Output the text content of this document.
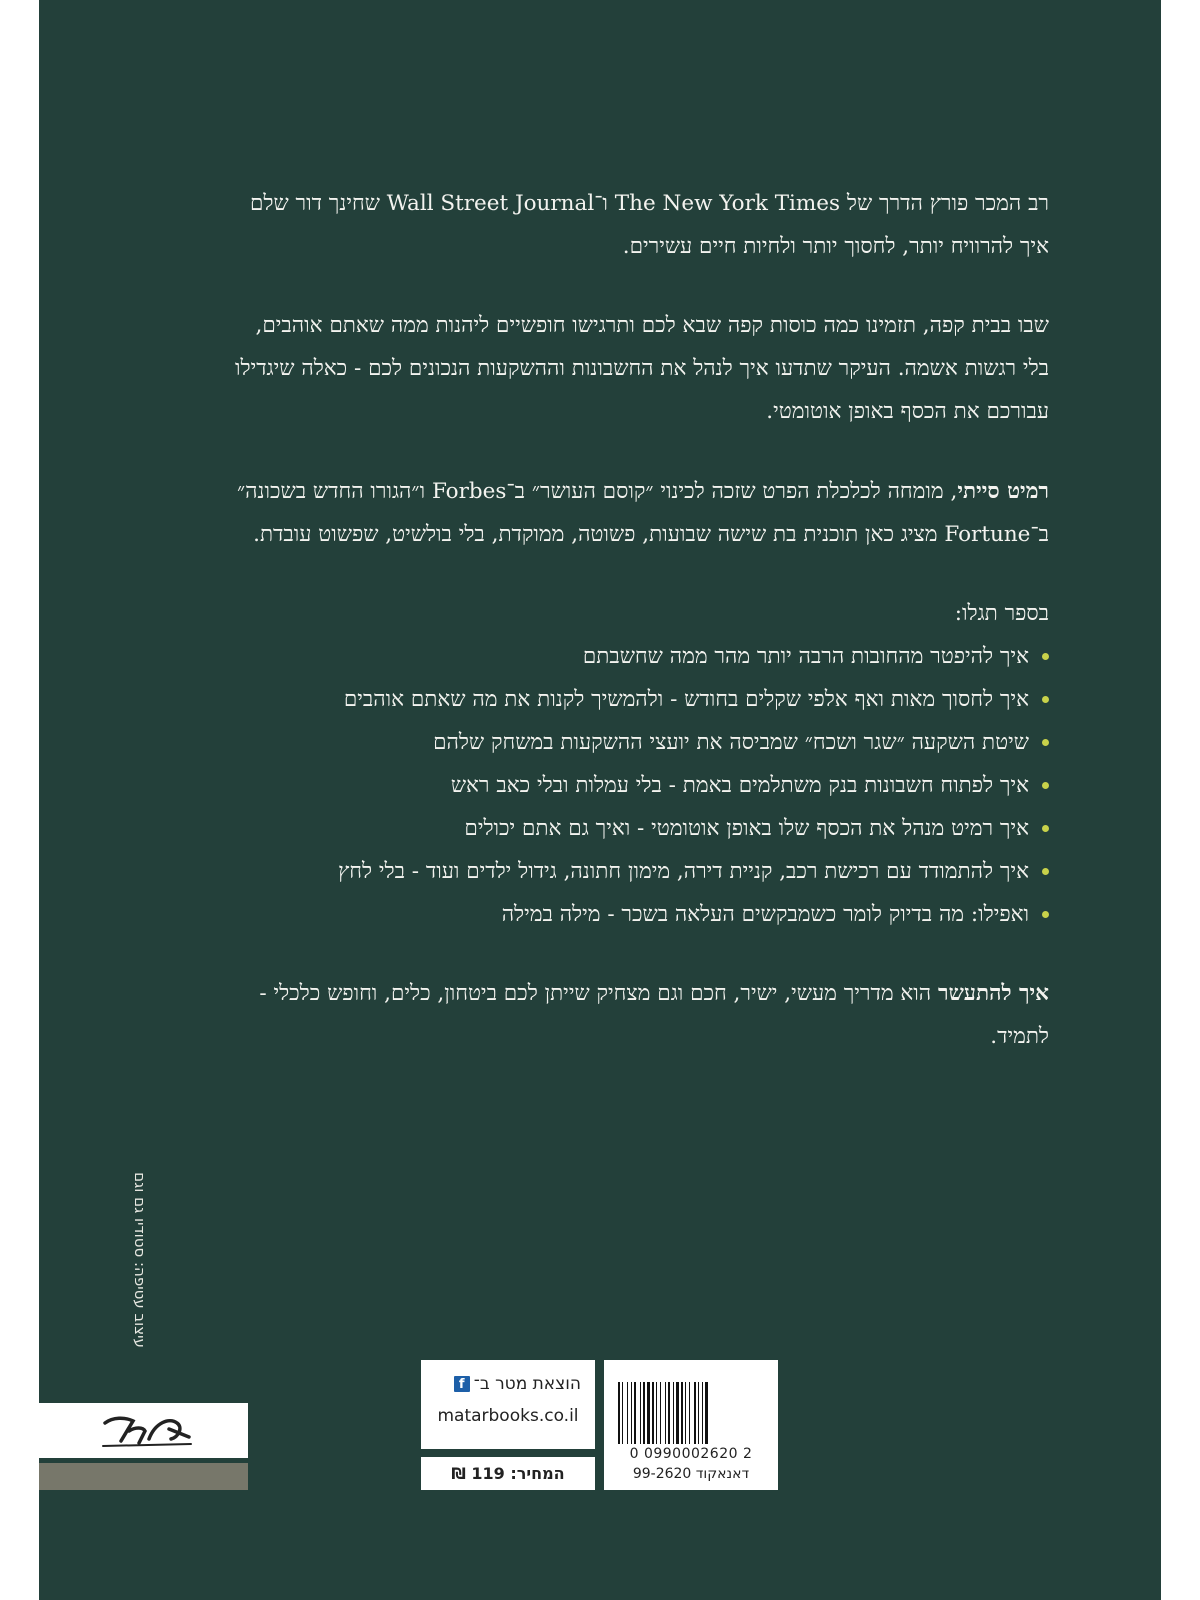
רב המכר פורץ הדרך של The New York Times ו־Wall Street Journal שחינך דור שלם איך להרוויח יותר, לחסוך יותר ולחיות חיים עשירים.

שבו בבית קפה, תזמינו כמה כוסות קפה שבא לכם ותרגישו חופשיים ליהנות ממה שאתם אוהבים, בלי רגשות אשמה. העיקר שתדעו איך לנהל את החשבונות וההשקעות הנכונים לכם - כאלה שיגדילו עבורכם את הכסף באופן אוטומטי.

רמיט סייתי, מומחה לכלכלת הפרט שזכה לכינוי ״קוסם העושר״ ב־Forbes ו״הגורו החדש בשכונה״ ב־Fortune מציג כאן תוכנית בת שישה שבועות, פשוטה, ממוקדת, בלי בולשיט, שפשוט עובדת.

בספר תגלו:

איך להיפטר מהחובות הרבה יותר מהר ממה שחשבתם
איך לחסוך מאות ואף אלפי שקלים בחודש - ולהמשיך לקנות את מה שאתם אוהבים
שיטת השקעה ״שגר ושכח״ שמביסה את יועצי ההשקעות במשחק שלהם
איך לפתוח חשבונות בנק משתלמים באמת - בלי עמלות ובלי כאב ראש
איך רמיט מנהל את הכסף שלו באופן אוטומטי - ואיך גם אתם יכולים
איך להתמודד עם רכישת רכב, קניית דירה, מימון חתונה, גידול ילדים ועוד - בלי לחץ
ואפילו: מה בדיוק לומר כשמבקשים העלאה בשכר - מילה במילה

איך להתעשר הוא מדריך מעשי, ישיר, חכם וגם מצחיק שייתן לכם ביטחון, כלים, וחופש כלכלי - לתמיד.

עיצוב עטיפה: סטודיו גם וגם
הוצאת מטר ב־
f
matarbooks.co.il
המחיר: 119 ₪
0 0990002620 2
דאנאקוד 99-2620
